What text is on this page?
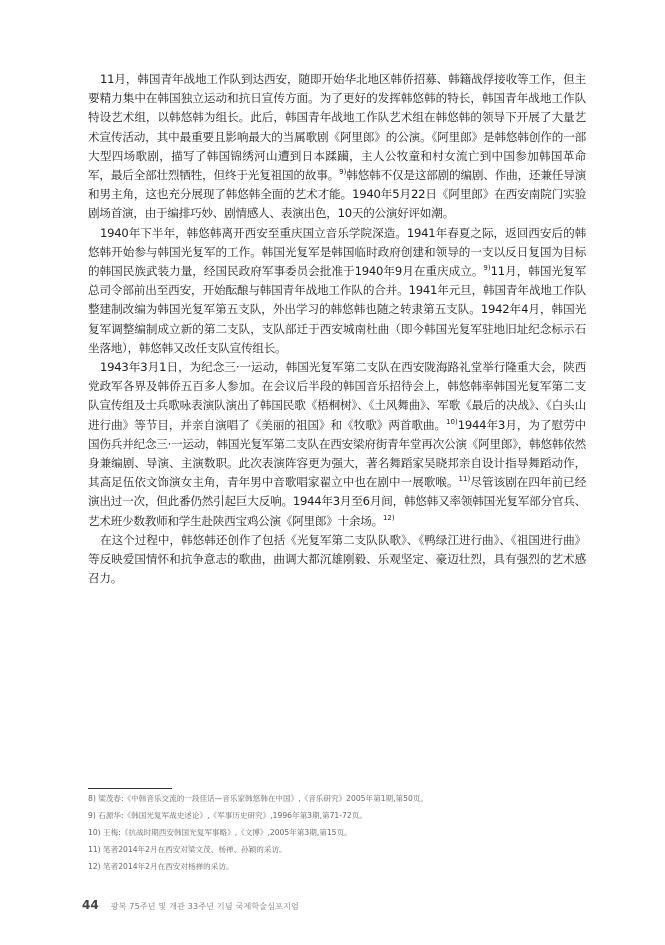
11月，韩国青年战地工作队到达西安，随即开始华北地区韩侨招募、韩籍战俘接收等工作，但主要精力集中在韩国独立运动和抗日宣传方面。为了更好的发挥韩悠韩的特长，韩国青年战地工作队特设艺术组，以韩悠韩为组长。此后，韩国青年战地工作队艺术组在韩悠韩的领导下开展了大量艺术宣传活动，其中最重要且影响最大的当属歌剧《阿里郎》的公演。《阿里郎》是韩悠韩创作的一部大型四场歌剧，描写了韩国锦绣河山遭到日本蹂躏，主人公牧童和村女流亡到中国参加韩国革命军，最后全部壮烈牺牲，但终于光复祖国的故事。$^{9)}$韩悠韩不仅是这部剧的编剧、作曲，还兼任导演和男主角，这也充分展现了韩悠韩全面的艺术才能。1940年5月22日《阿里郎》在西安南院门实验剧场首演，由于编排巧妙、剧情感人、表演出色，10天的公演好评如潮。

1940年下半年，韩悠韩离开西安至重庆国立音乐学院深造。1941年春夏之际，返回西安后的韩悠韩开始参与韩国光复军的工作。韩国光复军是韩国临时政府创建和领导的一支以反日复国为目标的韩国民族武装力量，经国民政府军事委员会批准于1940年9月在重庆成立。$^{9)}$11月，韩国光复军总司令部前出至西安，开始酝酿与韩国青年战地工作队的合并。1941年元旦，韩国青年战地工作队整建制改编为韩国光复军第五支队，外出学习的韩悠韩也随之转隶第五支队。1942年4月，韩国光复军调整编制成立新的第二支队，支队部迁于西安城南杜曲（即今韩国光复军驻地旧址纪念标示石坐落地），韩悠韩又改任支队宣传组长。

1943年3月1日，为纪念三·一运动，韩国光复军第二支队在西安陇海路礼堂举行隆重大会，陕西党政军各界及韩侨五百多人参加。在会议后半段的韩国音乐招待会上，韩悠韩率韩国光复军第二支队宣传组及士兵歌咏表演队演出了韩国民歌《梧桐树》、《土风舞曲》、军歌《最后的决战》、《白头山进行曲》等节目，并亲自演唱了《美丽的祖国》和《牧歌》两首歌曲。$^{10)}$1944年3月，为了慰劳中国伤兵并纪念三·一运动，韩国光复军第二支队在西安梁府街青年堂再次公演《阿里郎》，韩悠韩依然身兼编剧、导演、主演数职。此次表演阵容更为强大，著名舞蹈家吴晓邦亲自设计指导舞蹈动作，其高足伍依文饰演女主角，青年男中音歌唱家翟立中也在剧中一展歌喉。$^{11)}$尽管该剧在四年前已经演出过一次，但此番仍然引起巨大反响。1944年3月至6月间，韩悠韩又率领韩国光复军部分官兵、艺术班少数教师和学生赴陕西宝鸡公演《阿里郎》十余场。$^{12)}$

在这个过程中，韩悠韩还创作了包括《光复军第二支队队歌》、《鸭绿江进行曲》、《祖国进行曲》等反映爱国情怀和抗争意志的歌曲，曲调大都沉雄刚毅、乐观坚定、豪迈壮烈，具有强烈的艺术感召力。

8) 梁茂春:《中韩音乐交流的一段佳话—音乐家韩悠韩在中国》,《音乐研究》2005年第1期,第50页。

9) 石源华:《韩国光复军战史述论》,《军事历史研究》,1996年第3期,第71-72页。

10) 王梅:《抗战时期西安韩国光复军事略》,《文博》,2005年第3期,第15页。

11) 笔者2014年2月在西安对梁文茂、杨禅、孙颖的采访。

12) 笔者2014年2月在西安对杨禅的采访。

44 광복 75주년 및 개관 33주년 기념 국제학술심포지엄
